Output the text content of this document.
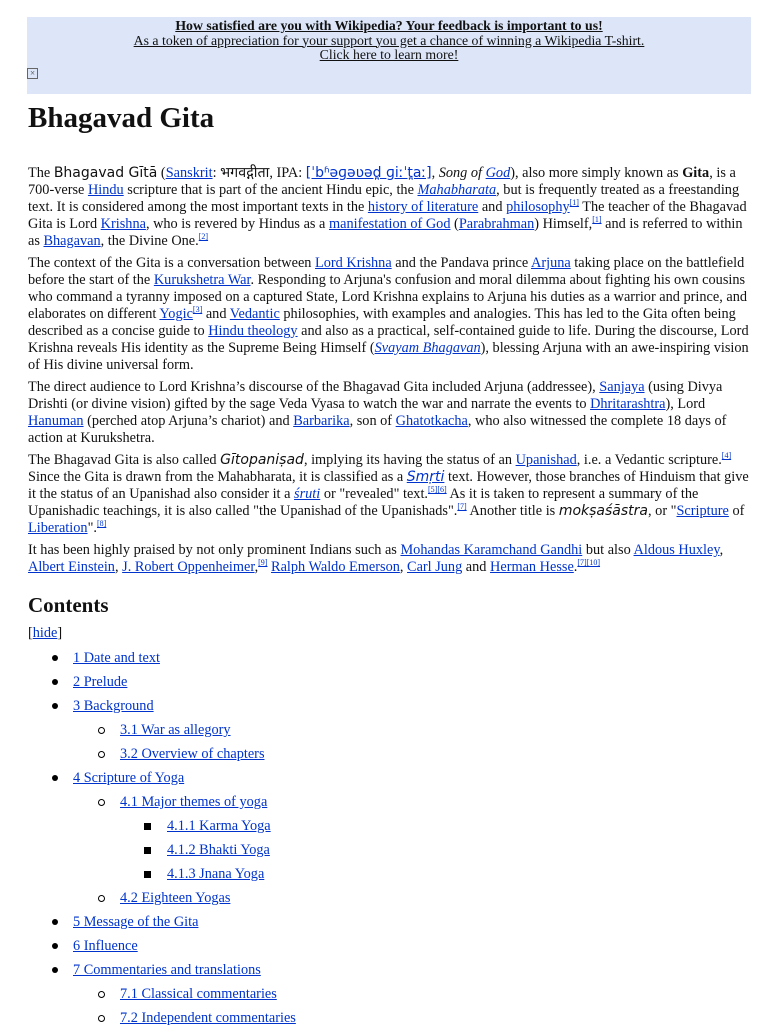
How satisfied are you with Wikipedia? Your feedback is important to us!
As a token of appreciation for your support you get a chance of winning a Wikipedia T-shirt.
Click here to learn more!
×
Bhagavad Gita

The Bhagavad Gītā (Sanskrit: भगवद्गीता, IPA: [ˈbʱəɡəʋəd̪ ɡiːˈt̪aː], Song of God), also more simply known as Gita, is a 700-verse Hindu scripture that is part of the ancient Hindu epic, the Mahabharata, but is frequently treated as a freestanding text. It is considered among the most important texts in the history of literature and philosophy[1] The teacher of the Bhagavad Gita is Lord Krishna, who is revered by Hindus as a manifestation of God (Parabrahman) Himself,[1] and is referred to within as Bhagavan, the Divine One.[2]

The context of the Gita is a conversation between Lord Krishna and the Pandava prince Arjuna taking place on the battlefield before the start of the Kurukshetra War. Responding to Arjuna's confusion and moral dilemma about fighting his own cousins who command a tyranny imposed on a captured State, Lord Krishna explains to Arjuna his duties as a warrior and prince, and elaborates on different Yogic[3] and Vedantic philosophies, with examples and analogies. This has led to the Gita often being described as a concise guide to Hindu theology and also as a practical, self-contained guide to life. During the discourse, Lord Krishna reveals His identity as the Supreme Being Himself (Svayam Bhagavan), blessing Arjuna with an awe-inspiring vision of His divine universal form.

The direct audience to Lord Krishna’s discourse of the Bhagavad Gita included Arjuna (addressee), Sanjaya (using Divya Drishti (or divine vision) gifted by the sage Veda Vyasa to watch the war and narrate the events to Dhritarashtra), Lord Hanuman (perched atop Arjuna’s chariot) and Barbarika, son of Ghatotkacha, who also witnessed the complete 18 days of action at Kurukshetra.

The Bhagavad Gita is also called Gītopaniṣad, implying its having the status of an Upanishad, i.e. a Vedantic scripture.[4] Since the Gita is drawn from the Mahabharata, it is classified as a Smṛti text. However, those branches of Hinduism that give it the status of an Upanishad also consider it a śruti or "revealed" text.[5][6] As it is taken to represent a summary of the Upanishadic teachings, it is also called "the Upanishad of the Upanishads".[7] Another title is mokṣaśāstra, or "Scripture of Liberation".[8]

It has been highly praised by not only prominent Indians such as Mohandas Karamchand Gandhi but also Aldous Huxley, Albert Einstein, J. Robert Oppenheimer,[9] Ralph Waldo Emerson, Carl Jung and Herman Hesse.[7][10]

Contents
[hide]
1 Date and text
2 Prelude
3 Background
3.1 War as allegory
3.2 Overview of chapters
4 Scripture of Yoga
4.1 Major themes of yoga
4.1.1 Karma Yoga
4.1.2 Bhakti Yoga
4.1.3 Jnana Yoga
4.2 Eighteen Yogas
5 Message of the Gita
6 Influence
7 Commentaries and translations
7.1 Classical commentaries
7.2 Independent commentaries
